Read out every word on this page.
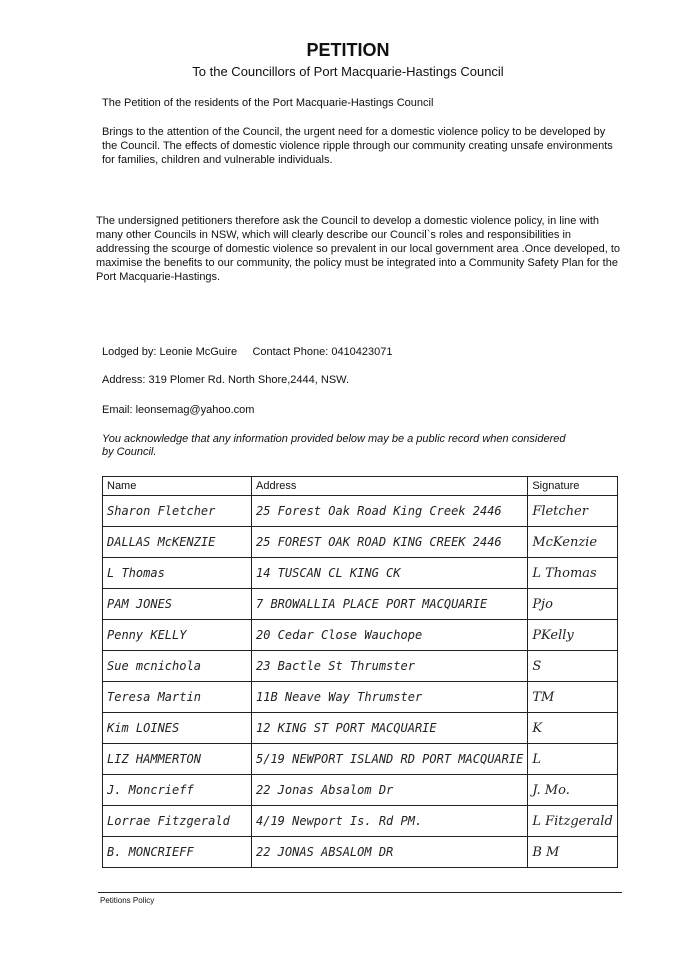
PETITION
To the Councillors of Port Macquarie-Hastings Council
The Petition of the residents of the Port Macquarie-Hastings Council
Brings to the attention of the Council, the urgent need for a domestic violence policy to be developed by the Council. The effects of domestic violence ripple through our community creating unsafe environments for families, children and vulnerable individuals.
The undersigned petitioners therefore ask the Council to develop a domestic violence policy, in line with many other Councils in NSW, which will clearly describe our Council`s roles and responsibilities in addressing the scourge of domestic violence so prevalent in our local government area .Once developed, to maximise the benefits to our community, the policy must be integrated into a Community Safety Plan for the Port Macquarie-Hastings.
Lodged by: Leonie McGuire Contact Phone: 0410423071
Address: 319 Plomer Rd. North Shore,2444, NSW.
Email: leonsemag@yahoo.com
You acknowledge that any information provided below may be a public record when considered by Council.
Name	Address	Signature
Sharon Fletcher	25 Forest Oak Road King Creek 2446	Fletcher
DALLAS McKENZIE	25 FOREST OAK ROAD KING CREEK 2446	McKenzie
L Thomas	14 TUSCAN CL KING CK	L Thomas
PAM JONES	7 BROWALLIA PLACE PORT MACQUARIE	Pjo
Penny KELLY	20 Cedar Close Wauchope	PKelly
Sue mcnichola	23 Bactle St Thrumster	S
Teresa Martin	11B Neave Way Thrumster	TM
Kim LOINES	12 KING ST PORT MACQUARIE	K
LIZ HAMMERTON	5/19 NEWPORT ISLAND RD PORT MACQUARIE	L
J. Moncrieff	22 Jonas Absalom Dr	J. Mo.
Lorrae Fitzgerald	4/19 Newport Is. Rd PM.	L Fitzgerald
B. MONCRIEFF	22 JONAS ABSALOM DR	B M
Petitions Policy
